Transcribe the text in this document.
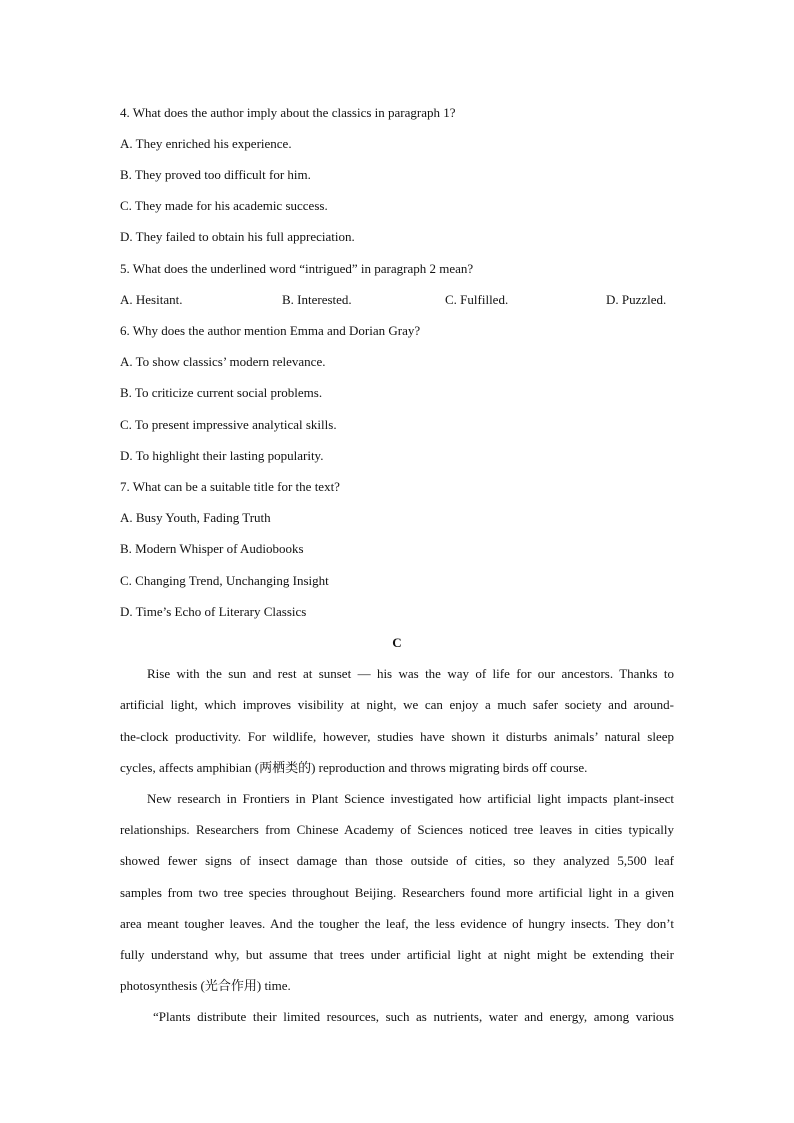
4. What does the author imply about the classics in paragraph 1?
A. They enriched his experience.
B. They proved too difficult for him.
C. They made for his academic success.
D. They failed to obtain his full appreciation.
5. What does the underlined word “intrigued” in paragraph 2 mean?
A. Hesitant.	B. Interested.	C. Fulfilled.	D. Puzzled.
6. Why does the author mention Emma and Dorian Gray?
A. To show classics’ modern relevance.
B. To criticize current social problems.
C. To present impressive analytical skills.
D. To highlight their lasting popularity.
7. What can be a suitable title for the text?
A. Busy Youth, Fading Truth
B. Modern Whisper of Audiobooks
C. Changing Trend, Unchanging Insight
D. Time’s Echo of Literary Classics
C
Rise with the sun and rest at sunset — his was the way of life for our ancestors. Thanks to
artificial light, which improves visibility at night, we can enjoy a much safer society and around-
the-clock productivity. For wildlife, however, studies have shown it disturbs animals’ natural sleep
cycles, affects amphibian (两栖类的) reproduction and throws migrating birds off course.
New research in Frontiers in Plant Science investigated how artificial light impacts plant-insect
relationships. Researchers from Chinese Academy of Sciences noticed tree leaves in cities typically
showed fewer signs of insect damage than those outside of cities, so they analyzed 5,500 leaf
samples from two tree species throughout Beijing. Researchers found more artificial light in a given
area meant tougher leaves. And the tougher the leaf, the less evidence of hungry insects. They don’t
fully understand why, but assume that trees under artificial light at night might be extending their
photosynthesis (光合作用) time.
“Plants distribute their limited resources, such as nutrients, water and energy, among various
